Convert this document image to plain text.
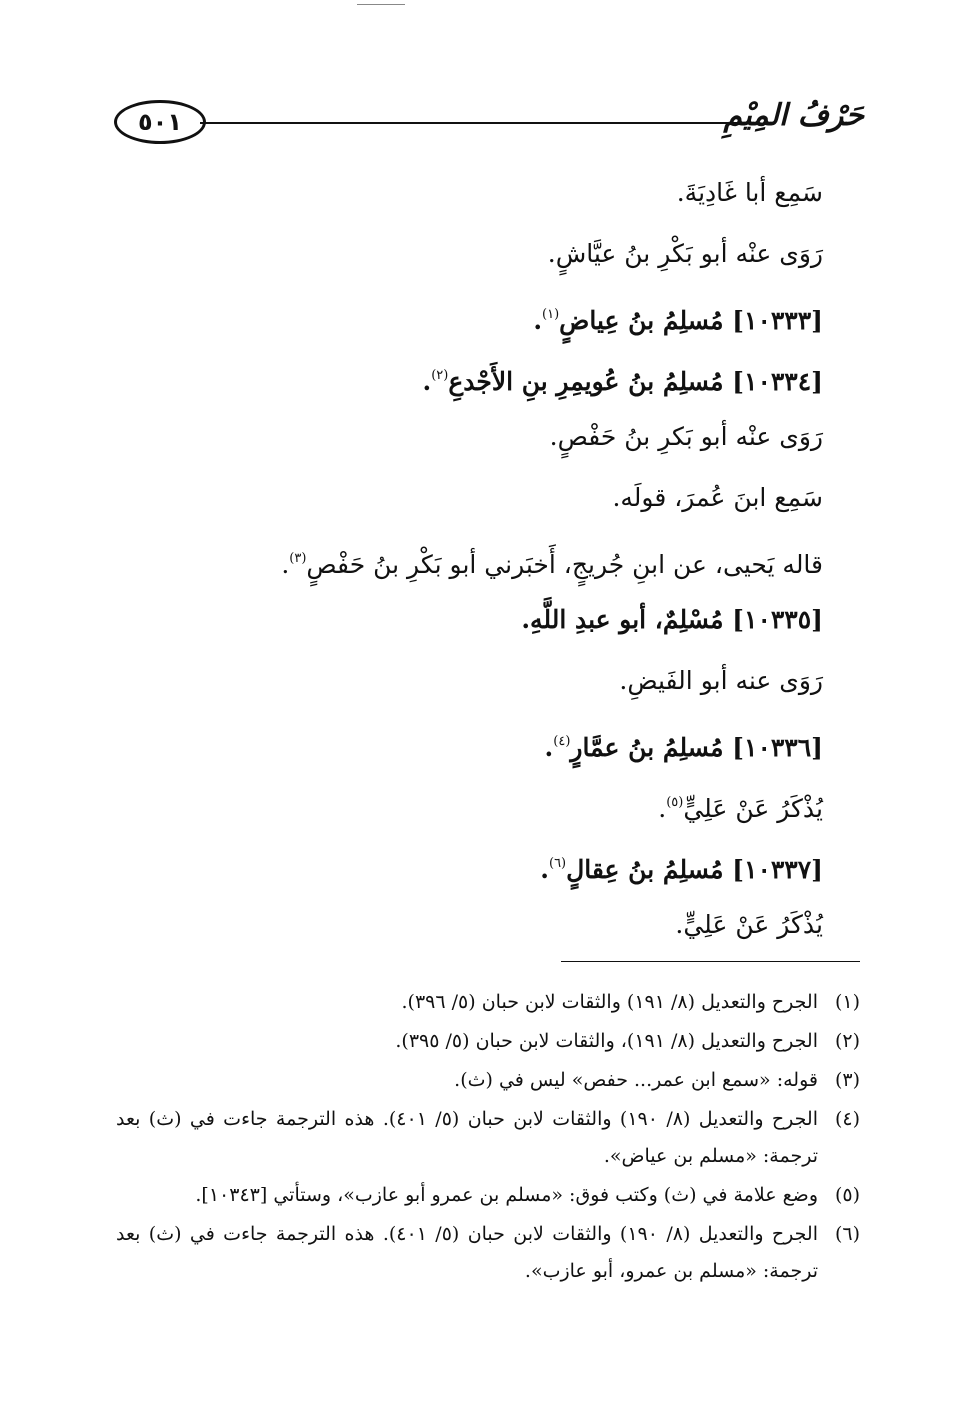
٥٠١	حَرْفُ المِيْمِ
سَمِع أبا غَادِيَةَ.
رَوَى عنْه أبو بَكْرِ بنُ عيَّاشٍ.
[١٠٣٣٣] مُسلِمُ بنُ عِياضٍ$^{(١)}$.
[١٠٣٣٤] مُسلِمُ بنُ عُويمِرِ بنِ الأَجْدعِ$^{(٢)}$.
رَوَى عنْه أبو بَكرِ بنُ حَفْصٍ.
سَمِع ابنَ عُمرَ، قولَه.
قاله يَحيى، عن ابنِ جُريجٍ، أَخبَرني أبو بَكْرِ بنُ حَفْصٍ$^{(٣)}$.
[١٠٣٣٥] مُسْلِمٌ، أبو عبدِ اللَّهِ.
رَوَى عنه أبو الفَيضِ.
[١٠٣٣٦] مُسلِمُ بنُ عمَّارٍ$^{(٤)}$.
يُذْكَرُ عَنْ عَلِيٍّ$^{(٥)}$.
[١٠٣٣٧] مُسلِمُ بنُ عِقالٍ$^{(٦)}$.
يُذْكَرُ عَنْ عَلِيٍّ.
(١)
الجرح والتعديل (٨/ ١٩١) والثقات لابن حبان (٥/ ٣٩٦).
(٢)
الجرح والتعديل (٨/ ١٩١)، والثقات لابن حبان (٥/ ٣٩٥).
(٣)
قوله: «سمع ابن عمر... حفص» ليس في (ث).
(٤)
الجرح والتعديل (٨/ ١٩٠) والثقات لابن حبان (٥/ ٤٠١). هذه الترجمة جاءت في (ث) بعد ترجمة: «مسلم بن عياض».
(٥)
وضع علامة في (ث) وكتب فوق: «مسلم بن عمرو أبو عازب»، وستأتي [١٠٣٤٣].
(٦)
الجرح والتعديل (٨/ ١٩٠) والثقات لابن حبان (٥/ ٤٠١). هذه الترجمة جاءت في (ث) بعد ترجمة: «مسلم بن عمرو، أبو عازب».
